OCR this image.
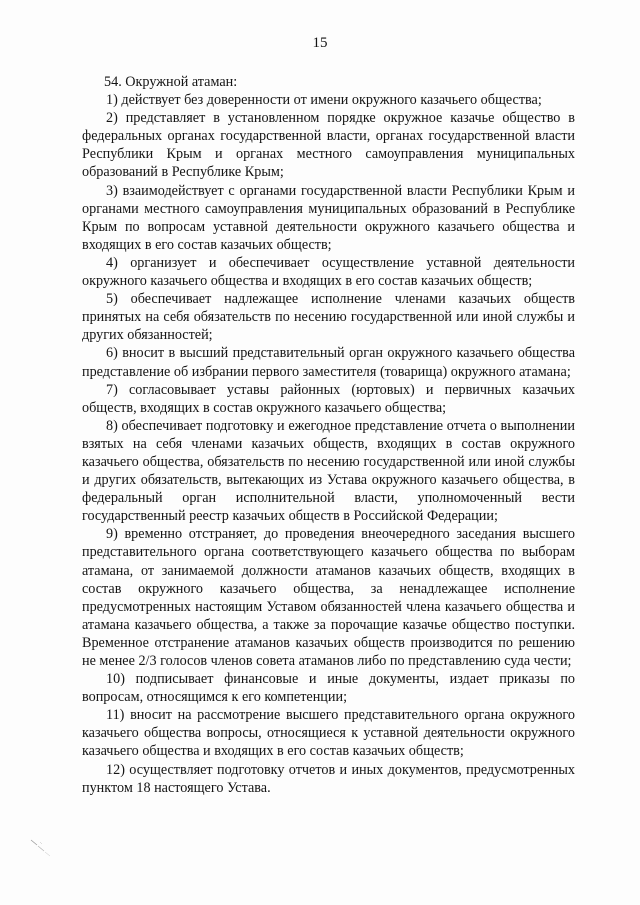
15

54. Окружной атаман:

1) действует без доверенности от имени окружного казачьего общества;

2) представляет в установленном порядке окружное казачье общество в федеральных органах государственной власти, органах государственной власти Республики Крым и органах местного самоуправления муниципальных образований в Республике Крым;

3) взаимодействует с органами государственной власти Республики Крым и органами местного самоуправления муниципальных образований в Республике Крым по вопросам уставной деятельности окружного казачьего общества и входящих в его состав казачьих обществ;

4) организует и обеспечивает осуществление уставной деятельности окружного казачьего общества и входящих в его состав казачьих обществ;

5) обеспечивает надлежащее исполнение членами казачьих обществ принятых на себя обязательств по несению государственной или иной службы и других обязанностей;

6) вносит в высший представительный орган окружного казачьего общества представление об избрании первого заместителя (товарища) окружного атамана;

7) согласовывает уставы районных (юртовых) и первичных казачьих обществ, входящих в состав окружного казачьего общества;

8) обеспечивает подготовку и ежегодное представление отчета о выполнении взятых на себя членами казачьих обществ, входящих в состав окружного казачьего общества, обязательств по несению государственной или иной службы и других обязательств, вытекающих из Устава окружного казачьего общества, в федеральный орган исполнительной власти, уполномоченный вести государственный реестр казачьих обществ в Российской Федерации;

9) временно отстраняет, до проведения внеочередного заседания высшего представительного органа соответствующего казачьего общества по выборам атамана, от занимаемой должности атаманов казачьих обществ, входящих в состав окружного казачьего общества, за ненадлежащее исполнение предусмотренных настоящим Уставом обязанностей члена казачьего общества и атамана казачьего общества, а также за порочащие казачье общество поступки. Временное отстранение атаманов казачьих обществ производится по решению не менее 2/3 голосов членов совета атаманов либо по представлению суда чести;

10) подписывает финансовые и иные документы, издает приказы по вопросам, относящимся к его компетенции;

11) вносит на рассмотрение высшего представительного органа окружного казачьего общества вопросы, относящиеся к уставной деятельности окружного казачьего общества и входящих в его состав казачьих обществ;

12) осуществляет подготовку отчетов и иных документов, предусмотренных пунктом 18 настоящего Устава.
